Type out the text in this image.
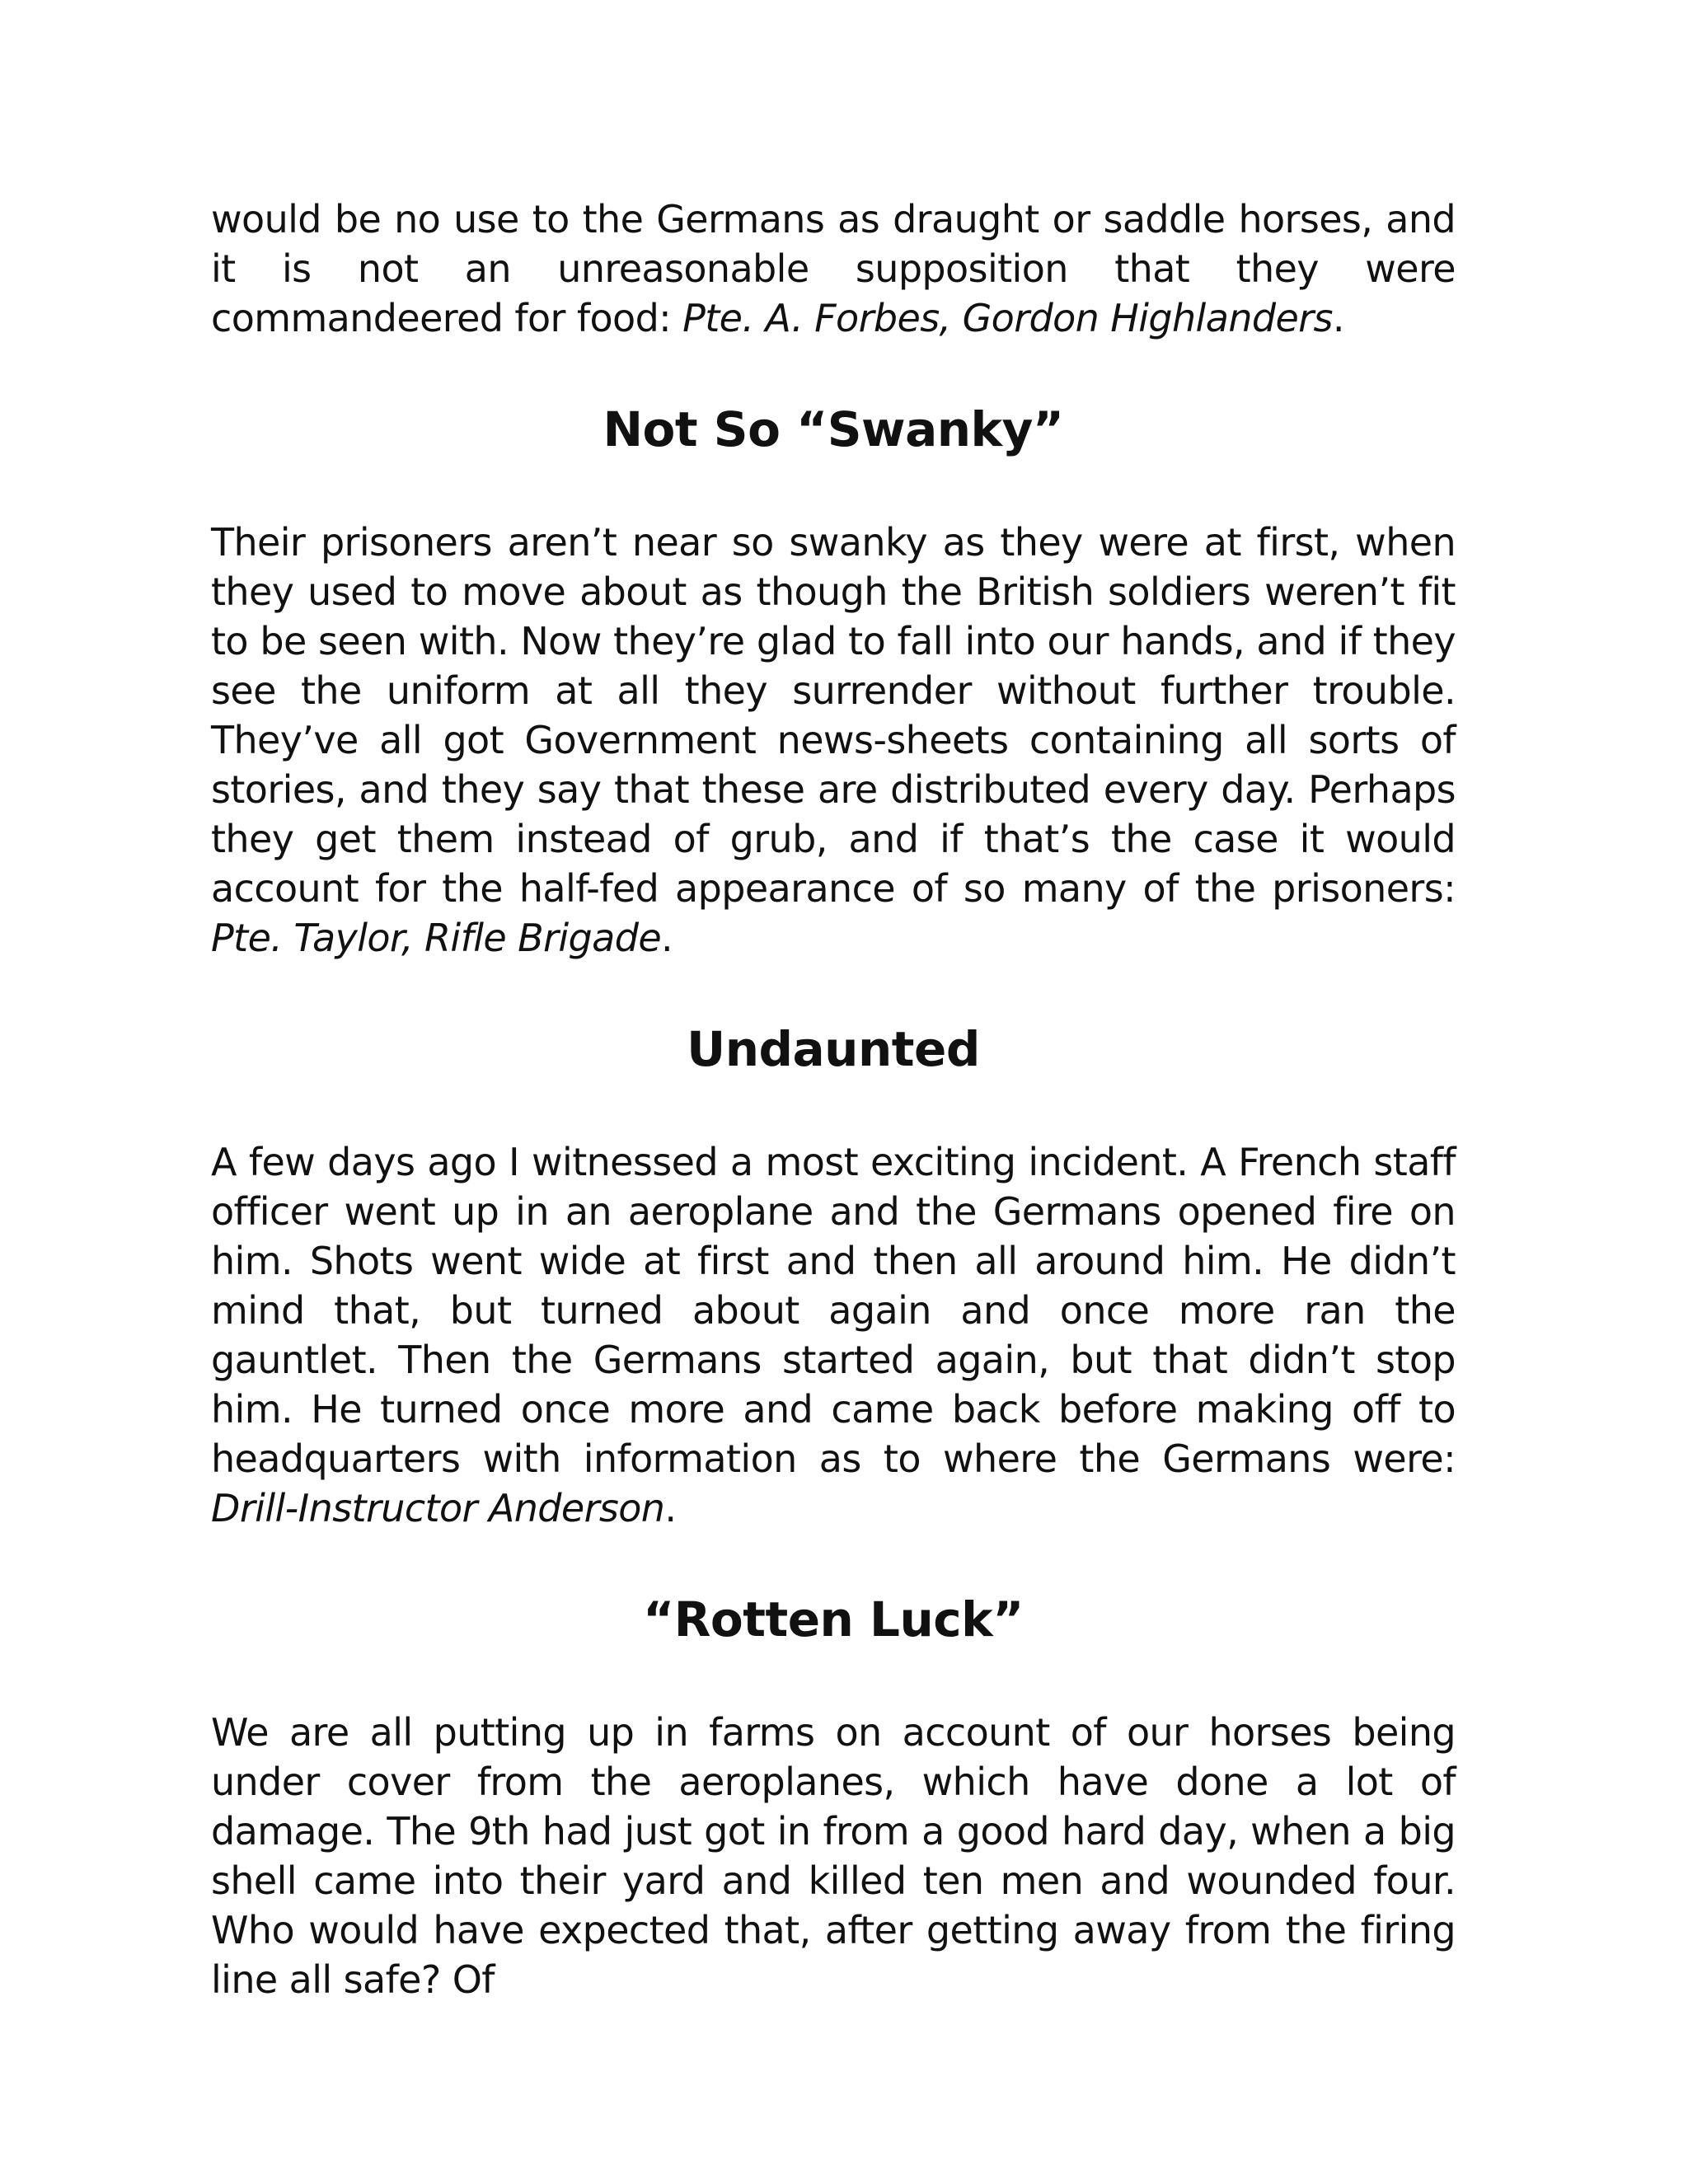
would be no use to the Germans as draught or saddle horses, and it is not an unreasonable supposition that they were commandeered for food: Pte. A. Forbes, Gordon Highlanders.

Not So “Swanky”

Their prisoners aren’t near so swanky as they were at first, when they used to move about as though the British soldiers weren’t fit to be seen with. Now they’re glad to fall into our hands, and if they see the uniform at all they surrender without further trouble. They’ve all got Government news-sheets containing all sorts of stories, and they say that these are distributed every day. Perhaps they get them instead of grub, and if that’s the case it would account for the half-fed appearance of so many of the prisoners: Pte. Taylor, Rifle Brigade.

Undaunted

A few days ago I witnessed a most exciting incident. A French staff officer went up in an aeroplane and the Germans opened fire on him. Shots went wide at first and then all around him. He didn’t mind that, but turned about again and once more ran the gauntlet. Then the Germans started again, but that didn’t stop him. He turned once more and came back before making off to headquarters with information as to where the Germans were: Drill-Instructor Anderson.

“Rotten Luck”

We are all putting up in farms on account of our horses being under cover from the aeroplanes, which have done a lot of damage. The 9th had just got in from a good hard day, when a big shell came into their yard and killed ten men and wounded four. Who would have expected that, after getting away from the firing line all safe? Of
